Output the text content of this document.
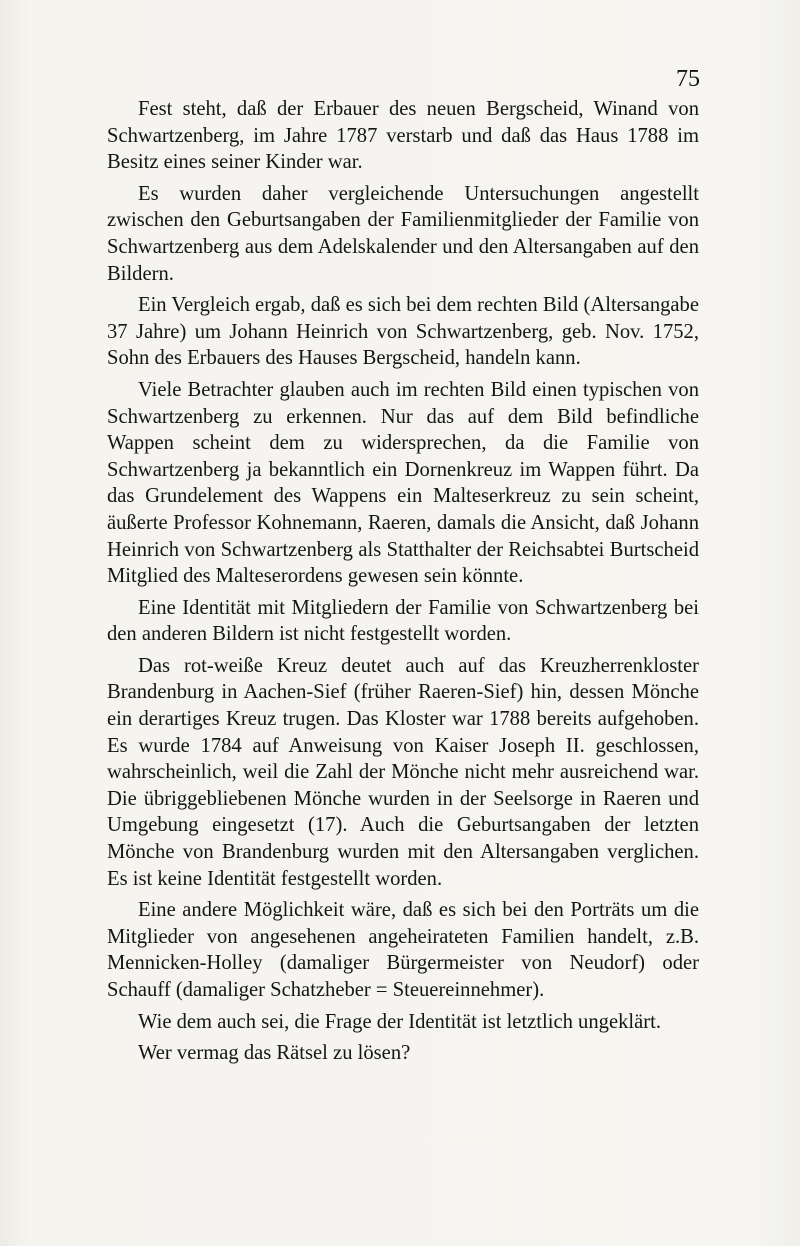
75

Fest steht, daß der Erbauer des neuen Bergscheid, Winand von Schwartzenberg, im Jahre 1787 verstarb und daß das Haus 1788 im Besitz eines seiner Kinder war.

Es wurden daher vergleichende Untersuchungen angestellt zwischen den Geburtsangaben der Familienmitglieder der Familie von Schwartzenberg aus dem Adelskalender und den Altersangaben auf den Bildern.

Ein Vergleich ergab, daß es sich bei dem rechten Bild (Altersangabe 37 Jahre) um Johann Heinrich von Schwartzenberg, geb. Nov. 1752, Sohn des Erbauers des Hauses Bergscheid, handeln kann.

Viele Betrachter glauben auch im rechten Bild einen typischen von Schwartzenberg zu erkennen. Nur das auf dem Bild befindliche Wappen scheint dem zu widersprechen, da die Familie von Schwartzenberg ja bekanntlich ein Dornenkreuz im Wappen führt. Da das Grundelement des Wappens ein Malteserkreuz zu sein scheint, äußerte Professor Kohnemann, Raeren, damals die Ansicht, daß Johann Heinrich von Schwartzenberg als Statthalter der Reichsabtei Burtscheid Mitglied des Malteserordens gewesen sein könnte.

Eine Identität mit Mitgliedern der Familie von Schwartzenberg bei den anderen Bildern ist nicht festgestellt worden.

Das rot-weiße Kreuz deutet auch auf das Kreuzherrenkloster Brandenburg in Aachen-Sief (früher Raeren-Sief) hin, dessen Mönche ein derartiges Kreuz trugen. Das Kloster war 1788 bereits aufgehoben. Es wurde 1784 auf Anweisung von Kaiser Joseph II. geschlossen, wahrscheinlich, weil die Zahl der Mönche nicht mehr ausreichend war. Die übriggebliebenen Mönche wurden in der Seelsorge in Raeren und Umgebung eingesetzt (17). Auch die Geburtsangaben der letzten Mönche von Brandenburg wurden mit den Altersangaben verglichen. Es ist keine Identität festgestellt worden.

Eine andere Möglichkeit wäre, daß es sich bei den Porträts um die Mitglieder von angesehenen angeheirateten Familien handelt, z.B. Mennicken-Holley (damaliger Bürgermeister von Neudorf) oder Schauff (damaliger Schatzheber = Steuereinnehmer).

Wie dem auch sei, die Frage der Identität ist letztlich ungeklärt.

Wer vermag das Rätsel zu lösen?
